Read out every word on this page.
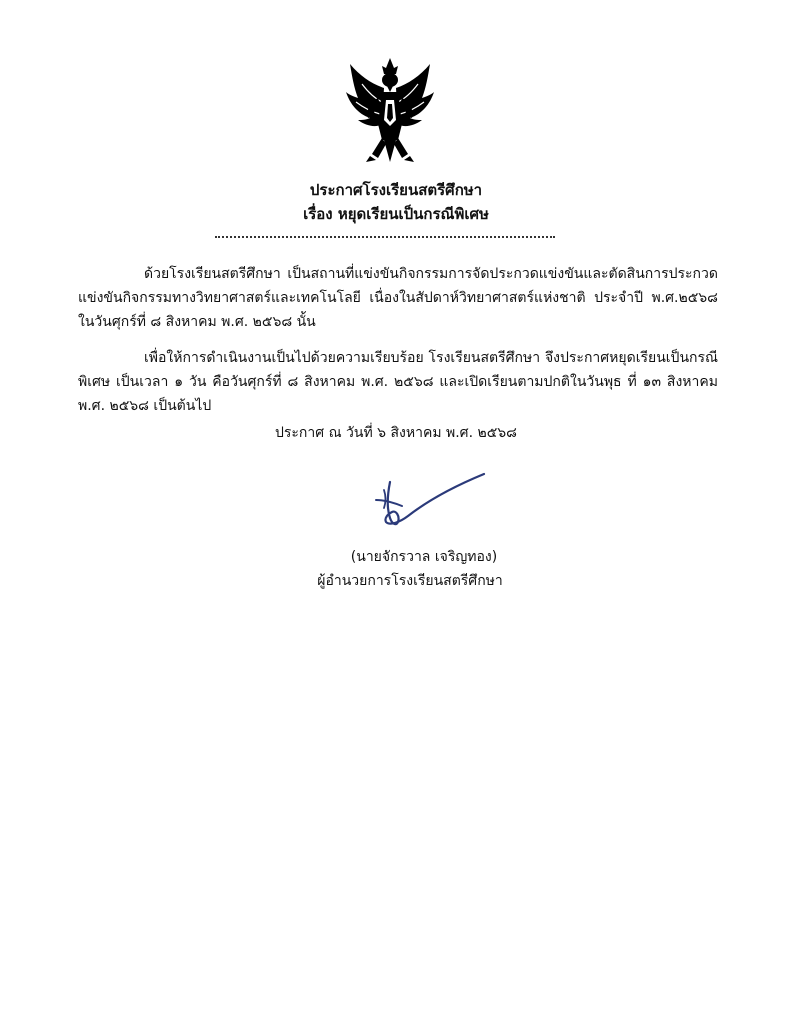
ประกาศโรงเรียนสตรีศึกษา
เรื่อง หยุดเรียนเป็นกรณีพิเศษ
ด้วยโรงเรียนสตรีศึกษา เป็นสถานที่แข่งขันกิจกรรมการจัดประกวดแข่งขันและตัดสินการประกวดแข่งขันกิจกรรมทางวิทยาศาสตร์และเทคโนโลยี เนื่องในสัปดาห์วิทยาศาสตร์แห่งชาติ ประจำปี พ.ศ.๒๕๖๘ ในวันศุกร์ที่ ๘ สิงหาคม พ.ศ. ๒๕๖๘ นั้น
เพื่อให้การดำเนินงานเป็นไปด้วยความเรียบร้อย โรงเรียนสตรีศึกษา จึงประกาศหยุดเรียนเป็นกรณีพิเศษ เป็นเวลา ๑ วัน คือวันศุกร์ที่ ๘ สิงหาคม พ.ศ. ๒๕๖๘ และเปิดเรียนตามปกติในวันพุธ ที่ ๑๓ สิงหาคม พ.ศ. ๒๕๖๘ เป็นต้นไป
ประกาศ ณ วันที่ ๖ สิงหาคม พ.ศ. ๒๕๖๘
(นายจักรวาล เจริญทอง)
ผู้อำนวยการโรงเรียนสตรีศึกษา
